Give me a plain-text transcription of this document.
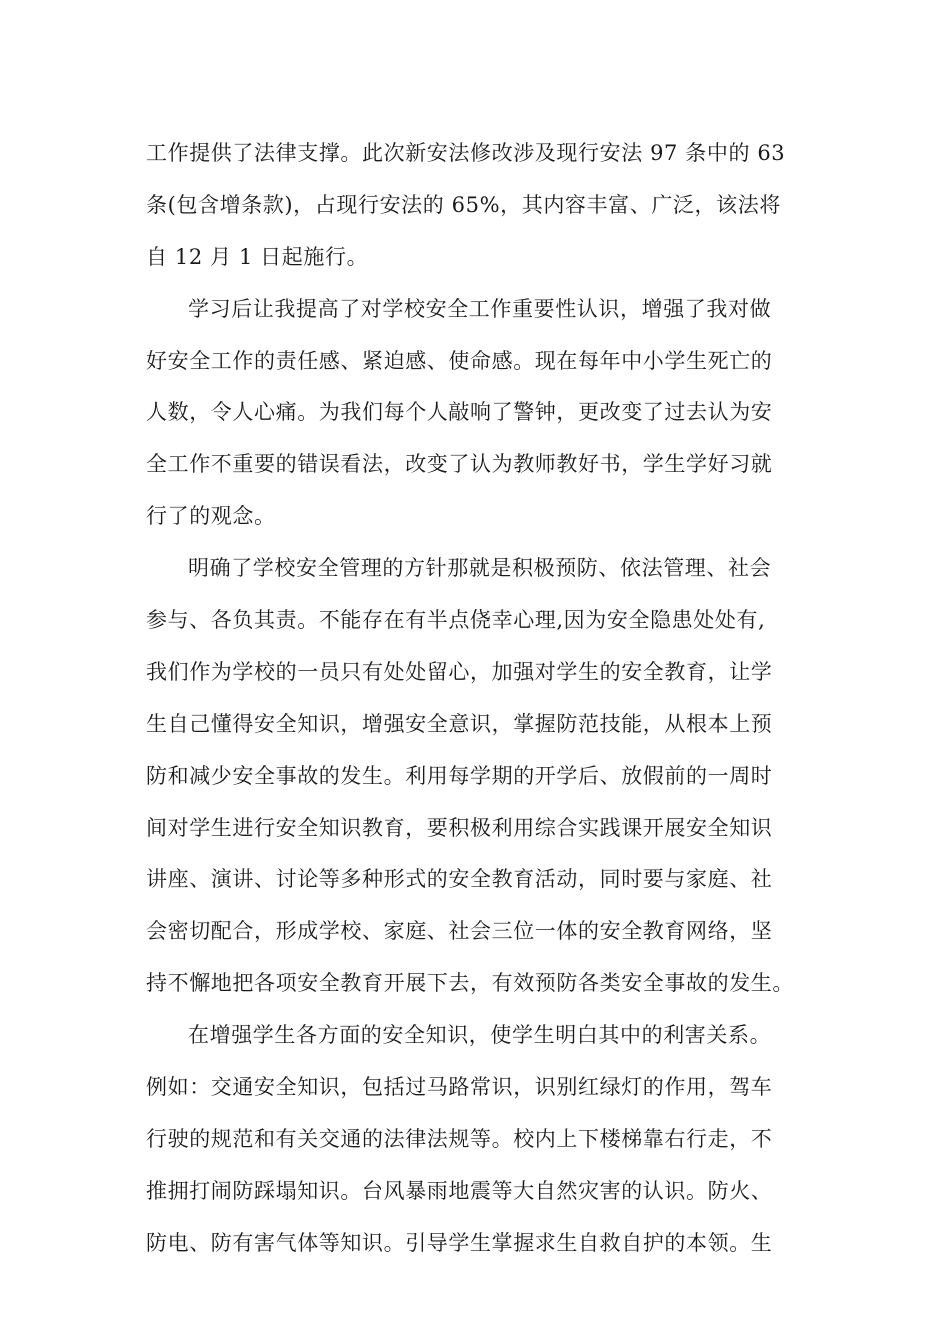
工作提供了法律支撑。此次新安法修改涉及现行安法 97 条中的 63
条(包含增条款)，占现行安法的 65%，其内容丰富、广泛，该法将
自 12 月 1 日起施行。
学习后让我提高了对学校安全工作重要性认识，增强了我对做
好安全工作的责任感、紧迫感、使命感。现在每年中小学生死亡的
人数，令人心痛。为我们每个人敲响了警钟，更改变了过去认为安
全工作不重要的错误看法，改变了认为教师教好书，学生学好习就
行了的观念。
明确了学校安全管理的方针那就是积极预防、依法管理、社会
参与、各负其责。不能存在有半点侥幸心理,因为安全隐患处处有,
我们作为学校的一员只有处处留心，加强对学生的安全教育，让学
生自己懂得安全知识，增强安全意识，掌握防范技能，从根本上预
防和减少安全事故的发生。利用每学期的开学后、放假前的一周时
间对学生进行安全知识教育，要积极利用综合实践课开展安全知识
讲座、演讲、讨论等多种形式的安全教育活动，同时要与家庭、社
会密切配合，形成学校、家庭、社会三位一体的安全教育网络，坚
持不懈地把各项安全教育开展下去，有效预防各类安全事故的发生。
在增强学生各方面的安全知识，使学生明白其中的利害关系。
例如：交通安全知识，包括过马路常识，识别红绿灯的作用，驾车
行驶的规范和有关交通的法律法规等。校内上下楼梯靠右行走，不
推拥打闹防踩塌知识。台风暴雨地震等大自然灾害的认识。防火、
防电、防有害气体等知识。引导学生掌握求生自救自护的本领。生
